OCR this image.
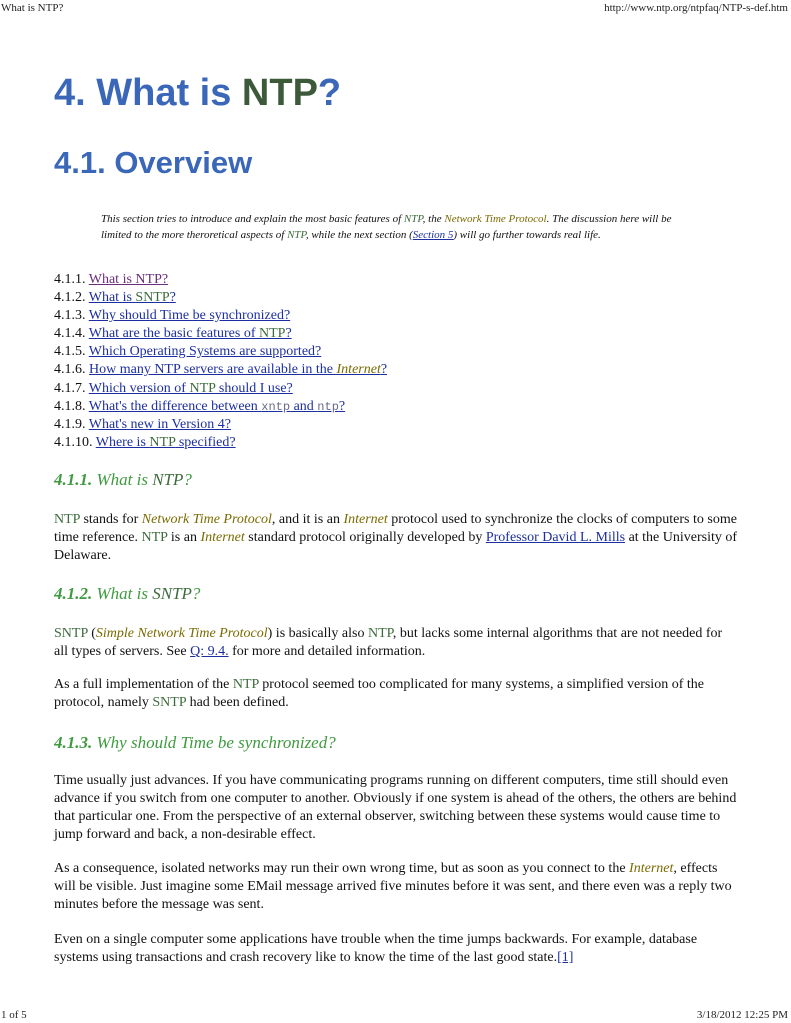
What is NTP?	http://www.ntp.org/ntpfaq/NTP-s-def.htm
4. What is NTP?
4.1. Overview
This section tries to introduce and explain the most basic features of NTP, the Network Time Protocol. The discussion here will be limited to the more theroretical aspects of NTP, while the next section (Section 5) will go further towards real life.
4.1.1. What is NTP?
4.1.2. What is SNTP?
4.1.3. Why should Time be synchronized?
4.1.4. What are the basic features of NTP?
4.1.5. Which Operating Systems are supported?
4.1.6. How many NTP servers are available in the Internet?
4.1.7. Which version of NTP should I use?
4.1.8. What's the difference between xntp and ntp?
4.1.9. What's new in Version 4?
4.1.10. Where is NTP specified?
4.1.1. What is NTP?

NTP stands for Network Time Protocol, and it is an Internet protocol used to synchronize the clocks of computers to some time reference. NTP is an Internet standard protocol originally developed by Professor David L. Mills at the University of Delaware.

4.1.2. What is SNTP?

SNTP (Simple Network Time Protocol) is basically also NTP, but lacks some internal algorithms that are not needed for all types of servers. See Q: 9.4. for more and detailed information.

As a full implementation of the NTP protocol seemed too complicated for many systems, a simplified version of the protocol, namely SNTP had been defined.

4.1.3. Why should Time be synchronized?

Time usually just advances. If you have communicating programs running on different computers, time still should even advance if you switch from one computer to another. Obviously if one system is ahead of the others, the others are behind that particular one. From the perspective of an external observer, switching between these systems would cause time to jump forward and back, a non-desirable effect.

As a consequence, isolated networks may run their own wrong time, but as soon as you connect to the Internet, effects will be visible. Just imagine some EMail message arrived five minutes before it was sent, and there even was a reply two minutes before the message was sent.

Even on a single computer some applications have trouble when the time jumps backwards. For example, database systems using transactions and crash recovery like to know the time of the last good state.[1]

1 of 5	3/18/2012 12:25 PM
